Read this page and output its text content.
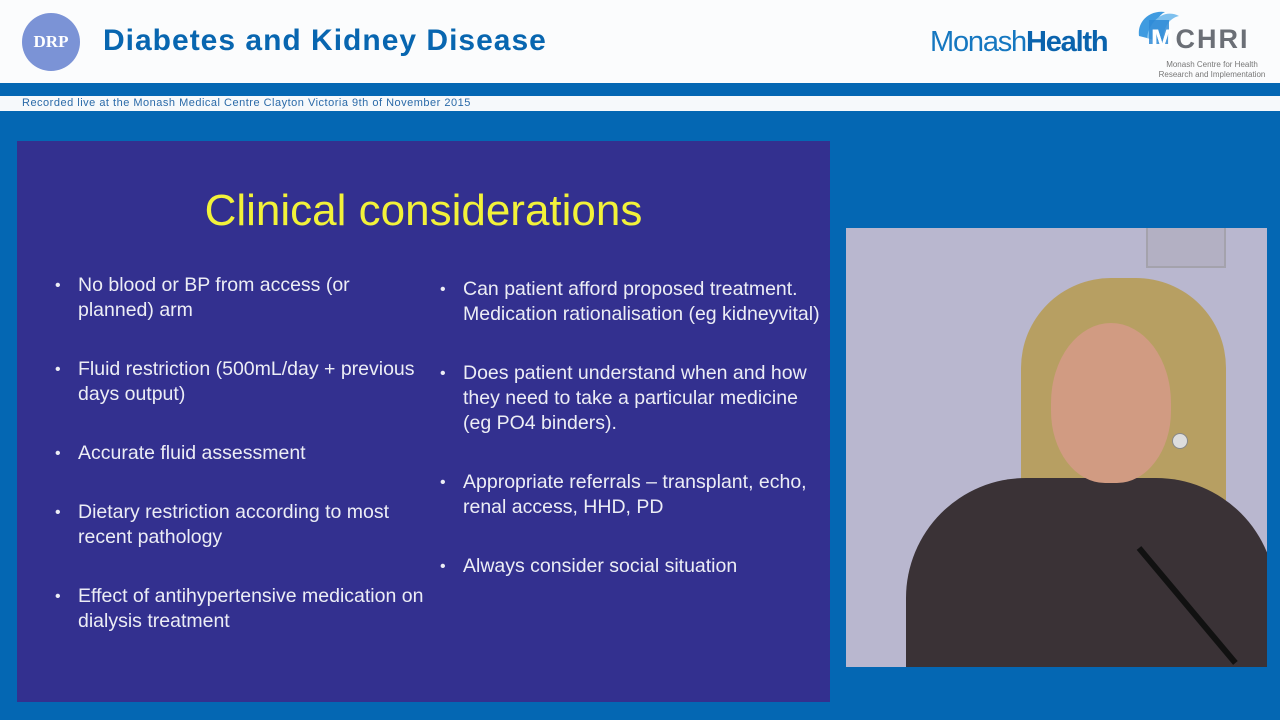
DRP	Diabetes and Kidney Disease	MonashHealth MCHRI
Monash Centre for Health
Research and Implementation
Recorded live at the Monash Medical Centre Clayton Victoria 9th of November 2015
Clinical considerations
• No blood or BP from access (or planned) arm
• Fluid restriction (500mL/day + previous days output)
• Accurate fluid assessment
• Dietary restriction according to most recent pathology
• Effect of antihypertensive medication on dialysis treatment
• Can patient afford proposed treatment. Medication rationalisation (eg kidneyvital)
• Does patient understand when and how they need to take a particular medicine (eg PO4 binders).
• Appropriate referrals – transplant, echo, renal access, HHD, PD
• Always consider social situation
